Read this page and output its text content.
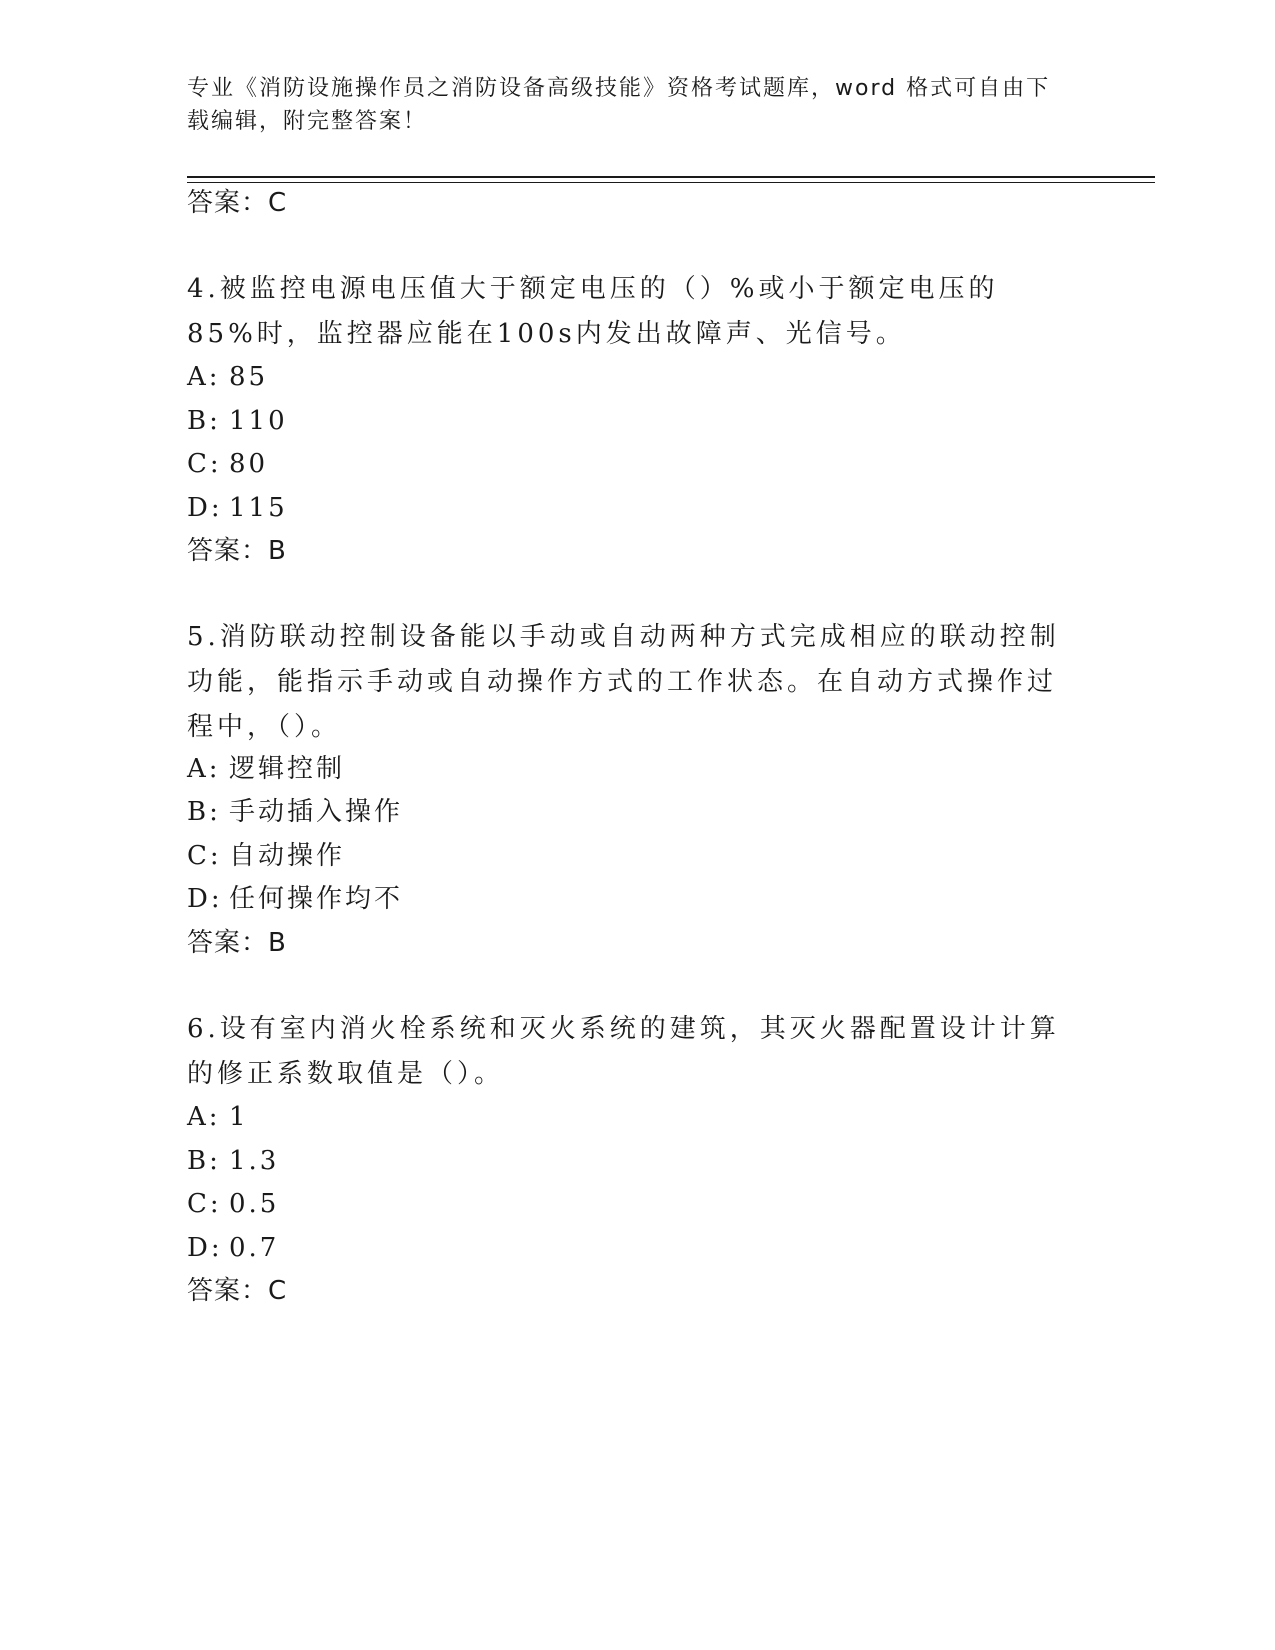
专业《消防设施操作员之消防设备高级技能》资格考试题库，word 格式可自由下载编辑，附完整答案！
答案：C
4.被监控电源电压值大于额定电压的（）%或小于额定电压的85%时，监控器应能在100s内发出故障声、光信号。
A: 85
B: 110
C: 80
D: 115
答案：B
5.消防联动控制设备能以手动或自动两种方式完成相应的联动控制功能，能指示手动或自动操作方式的工作状态。在自动方式操作过程中，（）。
A: 逻辑控制
B: 手动插入操作
C: 自动操作
D: 任何操作均不
答案：B
6.设有室内消火栓系统和灭火系统的建筑，其灭火器配置设计计算的修正系数取值是（）。
A: 1
B: 1.3
C: 0.5
D: 0.7
答案：C
